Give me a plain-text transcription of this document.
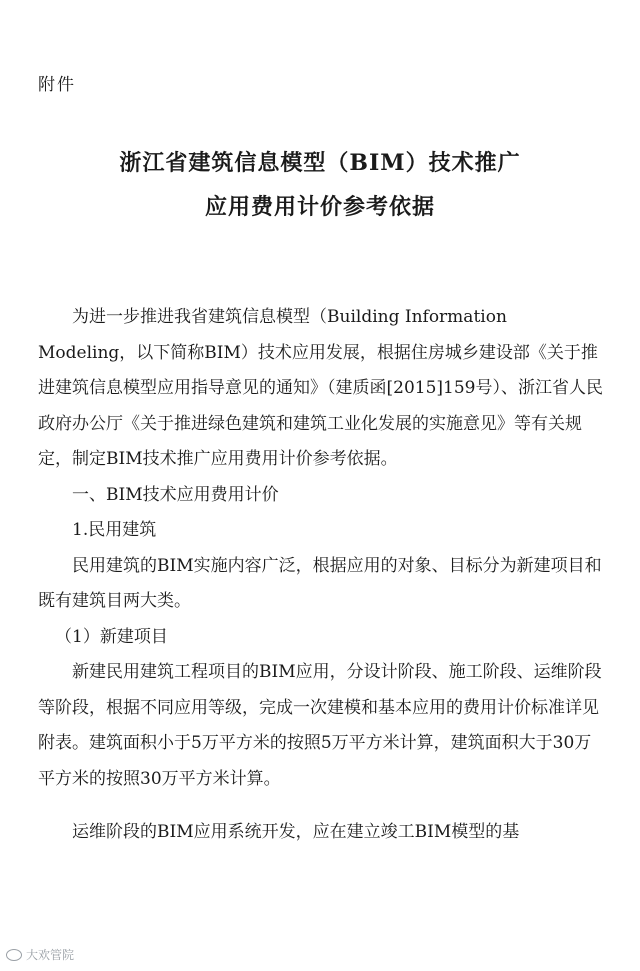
附件
浙江省建筑信息模型（BIM）技术推广
应用费用计价参考依据

为进一步推进我省建筑信息模型（Building Information Modeling，以下简称BIM）技术应用发展，根据住房城乡建设部《关于推进建筑信息模型应用指导意见的通知》（建质函[2015]159号）、浙江省人民政府办公厅《关于推进绿色建筑和建筑工业化发展的实施意见》等有关规定，制定BIM技术推广应用费用计价参考依据。

一、BIM技术应用费用计价

1.民用建筑

民用建筑的BIM实施内容广泛，根据应用的对象、目标分为新建项目和既有建筑目两大类。

（1）新建项目

新建民用建筑工程项目的BIM应用，分设计阶段、施工阶段、运维阶段等阶段，根据不同应用等级，完成一次建模和基本应用的费用计价标准详见附表。建筑面积小于5万平方米的按照5万平方米计算，建筑面积大于30万平方米的按照30万平方米计算。

运维阶段的BIM应用系统开发，应在建立竣工BIM模型的基

大欢管院
